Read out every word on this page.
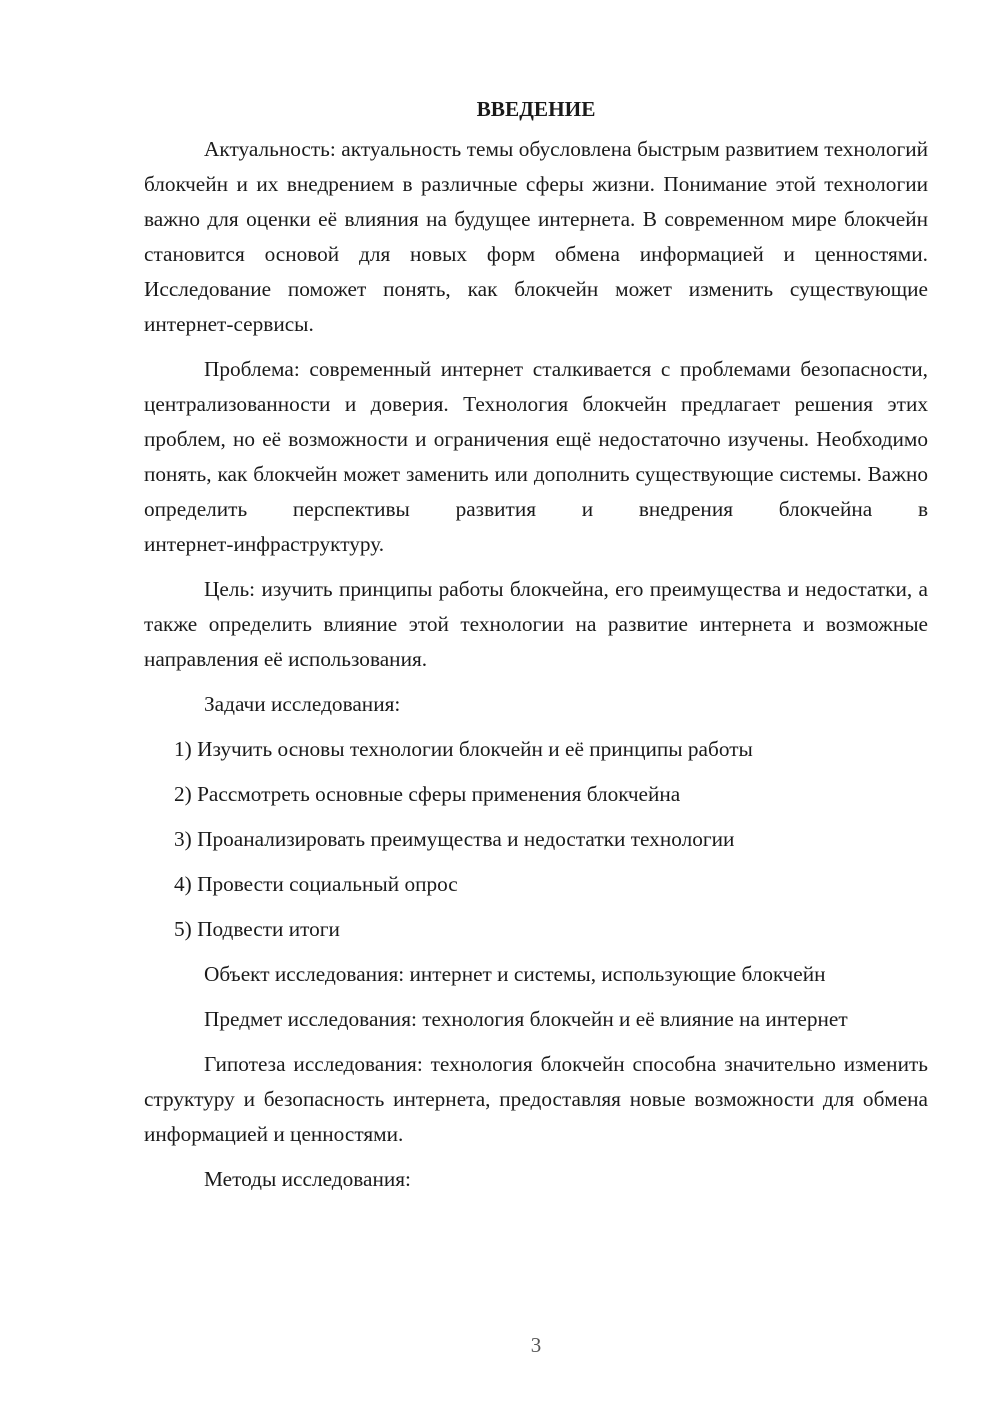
ВВЕДЕНИЕ

Актуальность: актуальность темы обусловлена быстрым развитием технологий блокчейн и их внедрением в различные сферы жизни. Понимание этой технологии важно для оценки её влияния на будущее интернета. В современном мире блокчейн становится основой для новых форм обмена информацией и ценностями. Исследование поможет понять, как блокчейн может изменить существующие интернет-сервисы.

Проблема: современный интернет сталкивается с проблемами безопасности, централизованности и доверия. Технология блокчейн предлагает решения этих проблем, но её возможности и ограничения ещё недостаточно изучены. Необходимо понять, как блокчейн может заменить или дополнить существующие системы. Важно определить перспективы развития и внедрения блокчейна в

интернет-инфраструктуру.

Цель: изучить принципы работы блокчейна, его преимущества и недостатки, а также определить влияние этой технологии на развитие интернета и возможные направления её использования.

Задачи исследования:

1) Изучить основы технологии блокчейн и её принципы работы
2) Рассмотреть основные сферы применения блокчейна
3) Проанализировать преимущества и недостатки технологии
4) Провести социальный опрос
5) Подвести итоги

Объект исследования: интернет и системы, использующие блокчейн

Предмет исследования: технология блокчейн и её влияние на интернет

Гипотеза исследования: технология блокчейн способна значительно изменить структуру и безопасность интернета, предоставляя новые возможности для обмена информацией и ценностями.

Методы исследования:

3
